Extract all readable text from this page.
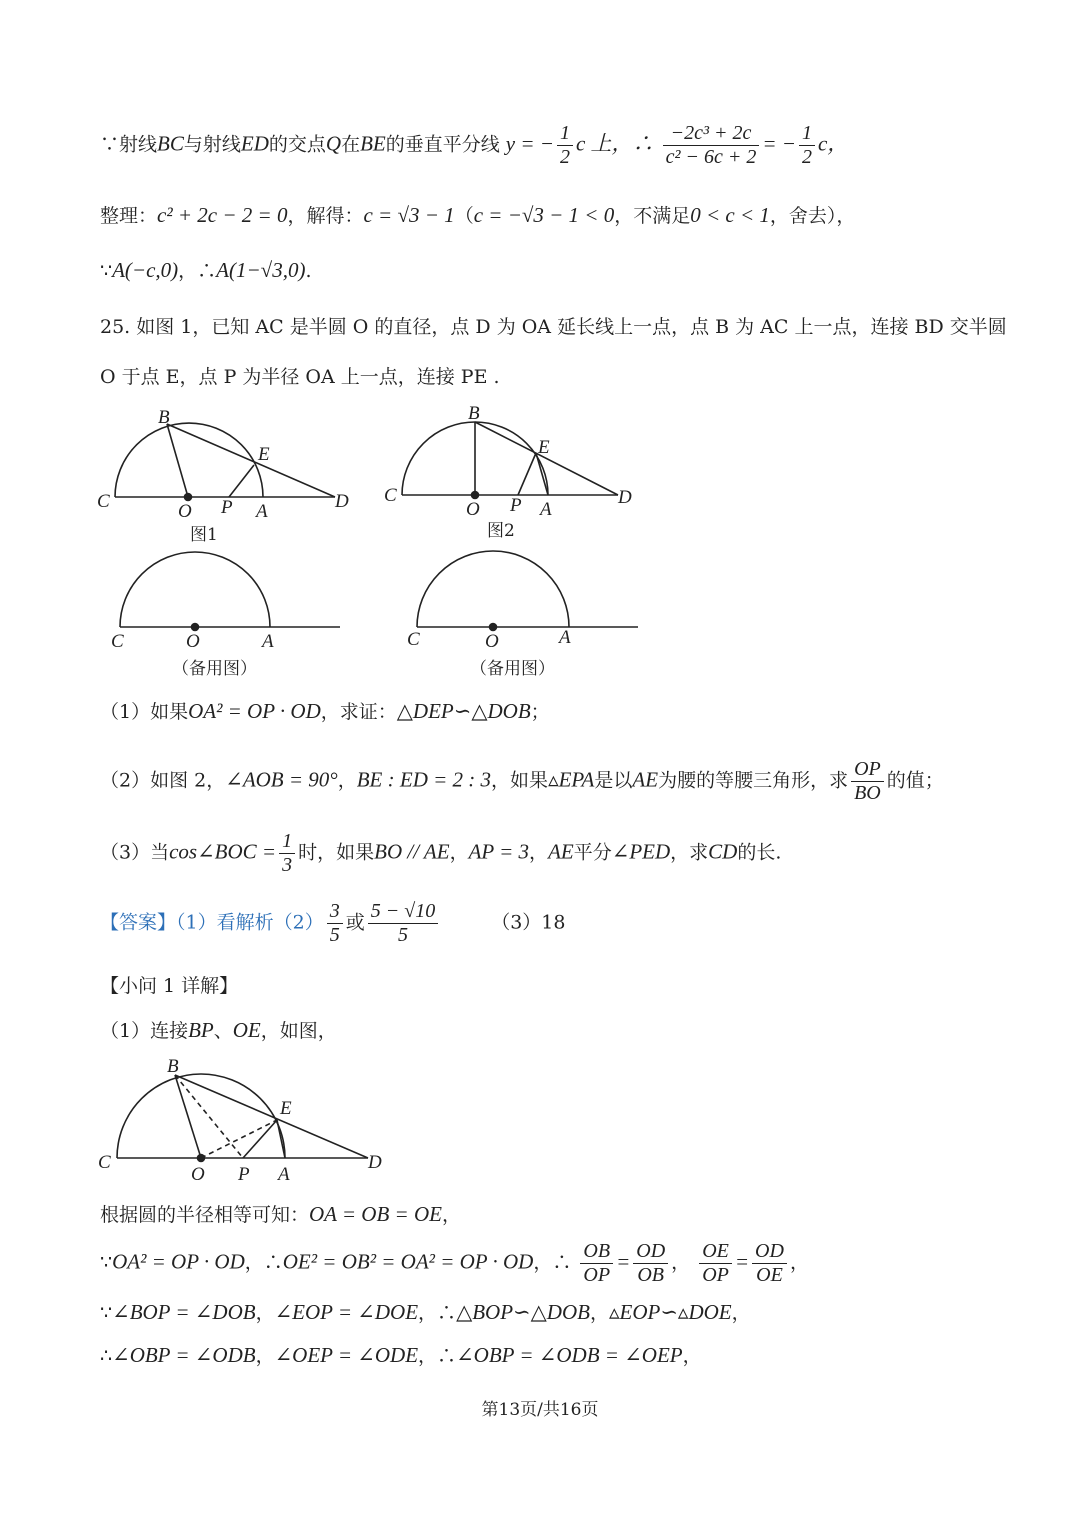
∵射线BC与射线ED的交点Q在BE的垂直平分线 y = − $\frac{1}{2}$ c 上，∴ $\frac{\text{−2c³ + 2c}}{\text{c² − 6c + 2}}$ = − $\frac{1}{2}$ c，
整理：c² + 2c − 2 = 0，解得：c = √3 − 1（c = −√3 − 1 < 0，不满足0 < c < 1，舍去），
∵A(−c,0)，∴A(1−√3,0).
25. 如图 1，已知 AC 是半圆 O 的直径，点 D 为 OA 延长线上一点，点 B 为 AC 上一点，连接 BD 交半圆
O 于点 E，点 P 为半径 OA 上一点，连接 PE .
B
E
C	O P A	D
图1
B
E
C
O P A
D
图2
C	O	A
（备用图）
C	O	A
（备用图）
（1）如果OA² = OP · OD，求证：△DEP∽△DOB；
（2）如图 2，∠AOB = 90°，BE : ED = 2 : 3，如果▵EPA是以AE为腰的等腰三角形，求 $\frac{OP}{BO}$ 的值；
（3）当cos∠BOC = $\frac{1}{3}$ 时，如果BO // AE，AP = 3，AE平分∠PED，求CD的长.
【答案】（1）看解析$(2) \frac{3}{5}$ 或 $\frac{5 - √10}{5}$	（3）18
【小问 1 详解】
（1）连接BP、OE，如图，
B
E
C
O P A
D
根据圆的半径相等可知：OA = OB = OE，
∵OA² = OP · OD，∴OE² = OB² = OA² = OP · OD，∴ $\frac{OB}{OP} = \frac{OD}{OB}$ ， $\frac{OE}{OP} = \frac{OD}{OE}$ ，
∵∠BOP = ∠DOB，∠EOP = ∠DOE，∴△BOP∽△DOB，▵EOP∽▵DOE，
∴∠OBP = ∠ODB，∠OEP = ∠ODE，∴∠OBP = ∠ODB = ∠OEP，
第13页/共16页
